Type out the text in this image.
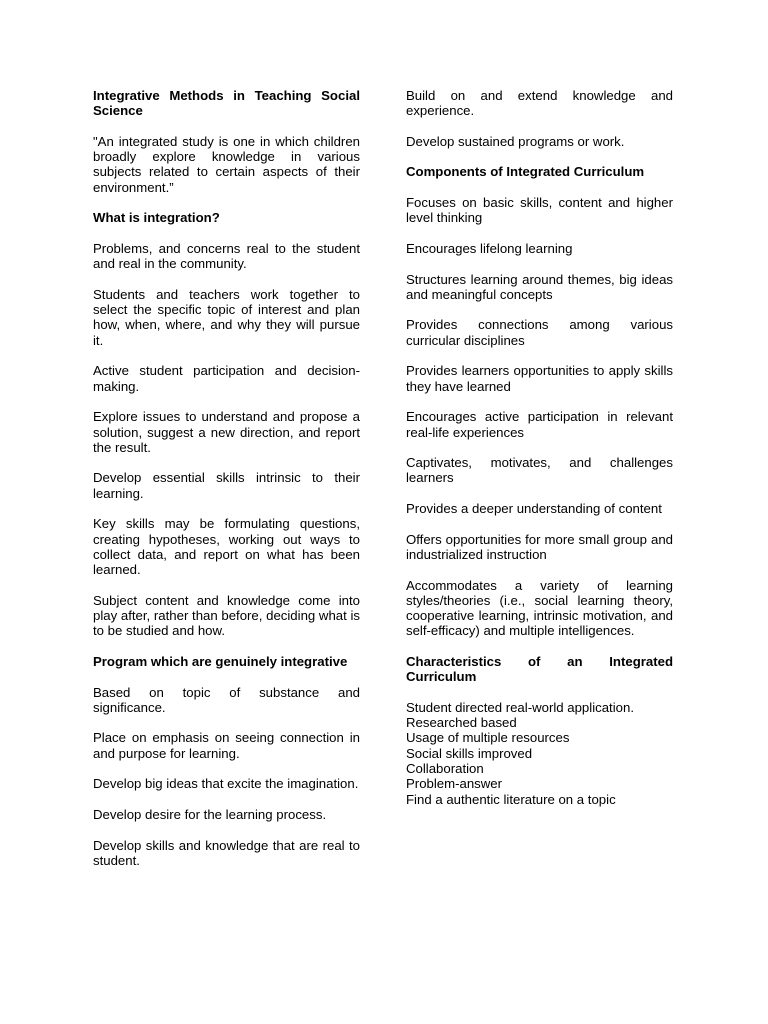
Integrative Methods in Teaching Social Science

"An integrated study is one in which children broadly explore knowledge in various subjects related to certain aspects of their environment.”

What is integration?

Problems, and concerns real to the student and real in the community.

Students and teachers work together to select the specific topic of interest and plan how, when, where, and why they will pursue it.

Active student participation and decision-making.

Explore issues to understand and propose a solution, suggest a new direction, and report the result.

Develop essential skills intrinsic to their learning.

Key skills may be formulating questions, creating hypotheses, working out ways to collect data, and report on what has been learned.

Subject content and knowledge come into play after, rather than before, deciding what is to be studied and how.

Program which are genuinely integrative

Based on topic of substance and significance.

Place on emphasis on seeing connection in and purpose for learning.

Develop big ideas that excite the imagination.

Develop desire for the learning process.

Develop skills and knowledge that are real to student.

Build on and extend knowledge and experience.

Develop sustained programs or work.

Components of Integrated Curriculum

Focuses on basic skills, content and higher level thinking

Encourages lifelong learning

Structures learning around themes, big ideas and meaningful concepts

Provides connections among various curricular disciplines

Provides learners opportunities to apply skills they have learned

Encourages active participation in relevant real-life experiences

Captivates, motivates, and challenges learners

Provides a deeper understanding of content

Offers opportunities for more small group and industrialized instruction

Accommodates a variety of learning styles/theories (i.e., social learning theory, cooperative learning, intrinsic motivation, and self-efficacy) and multiple intelligences.

Characteristics of an Integrated Curriculum

Student directed real-world application.
Researched based
Usage of multiple resources
Social skills improved
Collaboration
Problem-answer
Find a authentic literature on a topic
